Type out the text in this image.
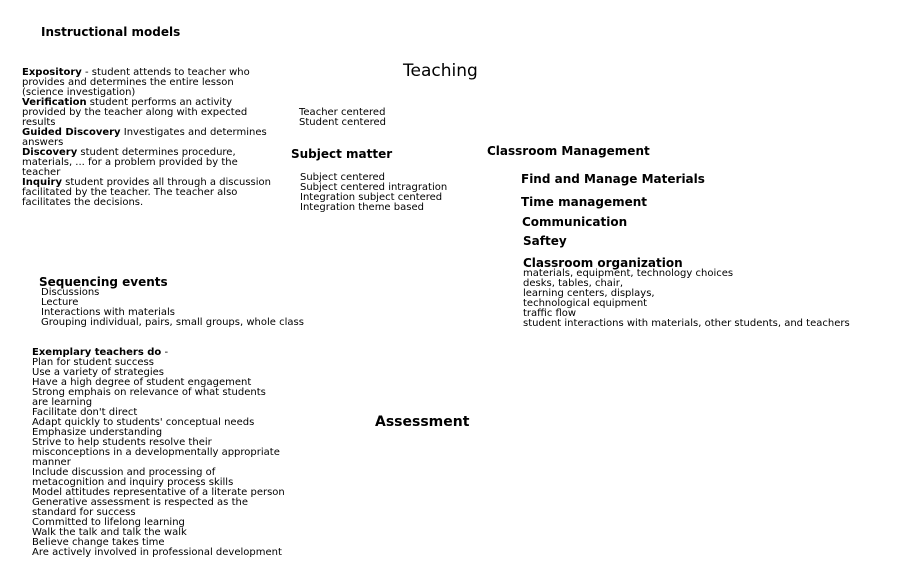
Instructional models
Expository - student attends to teacher who
provides and determines the entire lesson
(science investigation)
Verification student performs an activity
provided by the teacher along with expected
results
Guided Discovery Investigates and determines
answers
Discovery student determines procedure,
materials, ... for a problem provided by the
teacher
Inquiry student provides all through a discussion
facilitated by the teacher. The teacher also
facilitates the decisions.
Teaching
Teacher centered
Student centered
Subject matter
Subject centered
Subject centered intragration
Integration subject centered
Integration theme based
Classroom Management
Find and Manage Materials
Time management
Communication
Saftey
Classroom organization
materials, equipment, technology choices
desks, tables, chair,
learning centers, displays,
technological equipment
traffic flow
student interactions with materials, other students, and teachers
Sequencing events
Discussions
Lecture
Interactions with materials
Grouping individual, pairs, small groups, whole class
Exemplary teachers do -
Plan for student success
Use a variety of strategies
Have a high degree of student engagement
Strong emphais on relevance of what students
are learning
Facilitate don't direct
Adapt quickly to students' conceptual needs
Emphasize understanding
Strive to help students resolve their
misconceptions in a developmentally appropriate
manner
Include discussion and processing of
metacognition and inquiry process skills
Model attitudes representative of a literate person
Generative assessment is respected as the
standard for success
Committed to lifelong learning
Walk the talk and talk the walk
Believe change takes time
Are actively involved in professional development
Assessment
